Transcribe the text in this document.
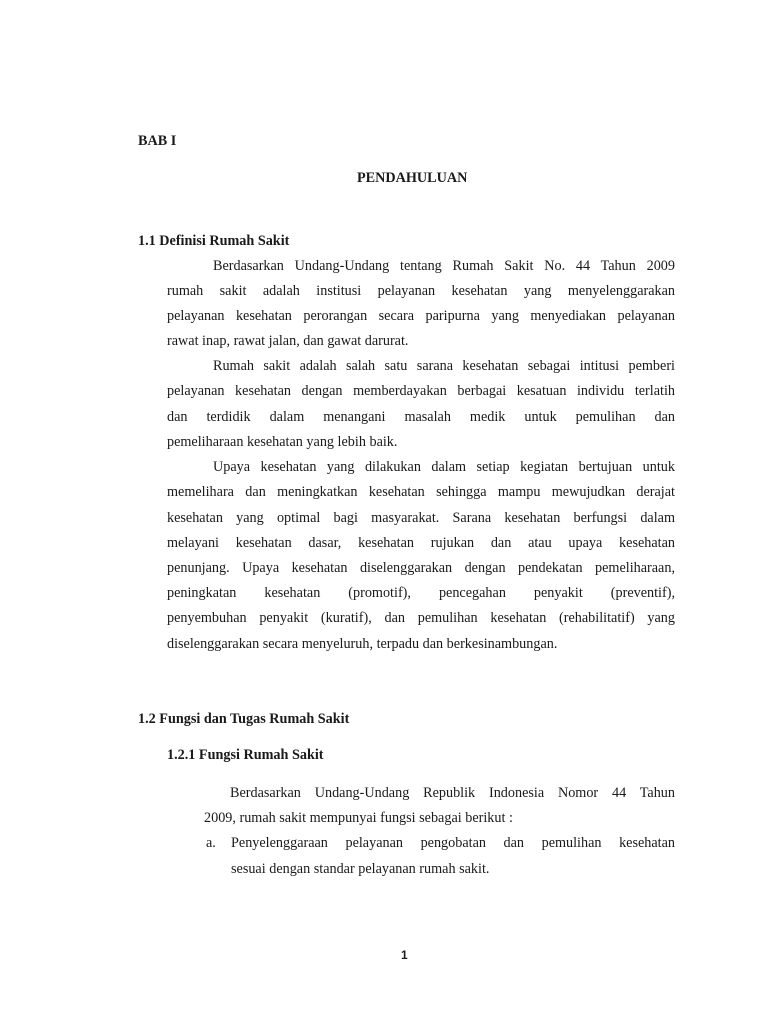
BAB I
PENDAHULUAN
1.1 Definisi Rumah Sakit
Berdasarkan Undang-Undang tentang Rumah Sakit No. 44 Tahun 2009
rumah sakit adalah institusi pelayanan kesehatan yang menyelenggarakan
pelayanan kesehatan perorangan secara paripurna yang menyediakan pelayanan
rawat inap, rawat jalan, dan gawat darurat.
Rumah sakit adalah salah satu sarana kesehatan sebagai intitusi pemberi
pelayanan kesehatan dengan memberdayakan berbagai kesatuan individu terlatih
dan terdidik dalam menangani masalah medik untuk pemulihan dan
pemeliharaan kesehatan yang lebih baik.
Upaya kesehatan yang dilakukan dalam setiap kegiatan bertujuan untuk
memelihara dan meningkatkan kesehatan sehingga mampu mewujudkan derajat
kesehatan yang optimal bagi masyarakat. Sarana kesehatan berfungsi dalam
melayani kesehatan dasar, kesehatan rujukan dan atau upaya kesehatan
penunjang. Upaya kesehatan diselenggarakan dengan pendekatan pemeliharaan,
peningkatan kesehatan (promotif), pencegahan penyakit (preventif),
penyembuhan penyakit (kuratif), dan pemulihan kesehatan (rehabilitatif) yang
diselenggarakan secara menyeluruh, terpadu dan berkesinambungan.
1.2 Fungsi dan Tugas Rumah Sakit
1.2.1 Fungsi Rumah Sakit
Berdasarkan Undang-Undang Republik Indonesia Nomor 44 Tahun
2009, rumah sakit mempunyai fungsi sebagai berikut :
a. Penyelenggaraan pelayanan pengobatan dan pemulihan kesehatan
sesuai dengan standar pelayanan rumah sakit.
1
